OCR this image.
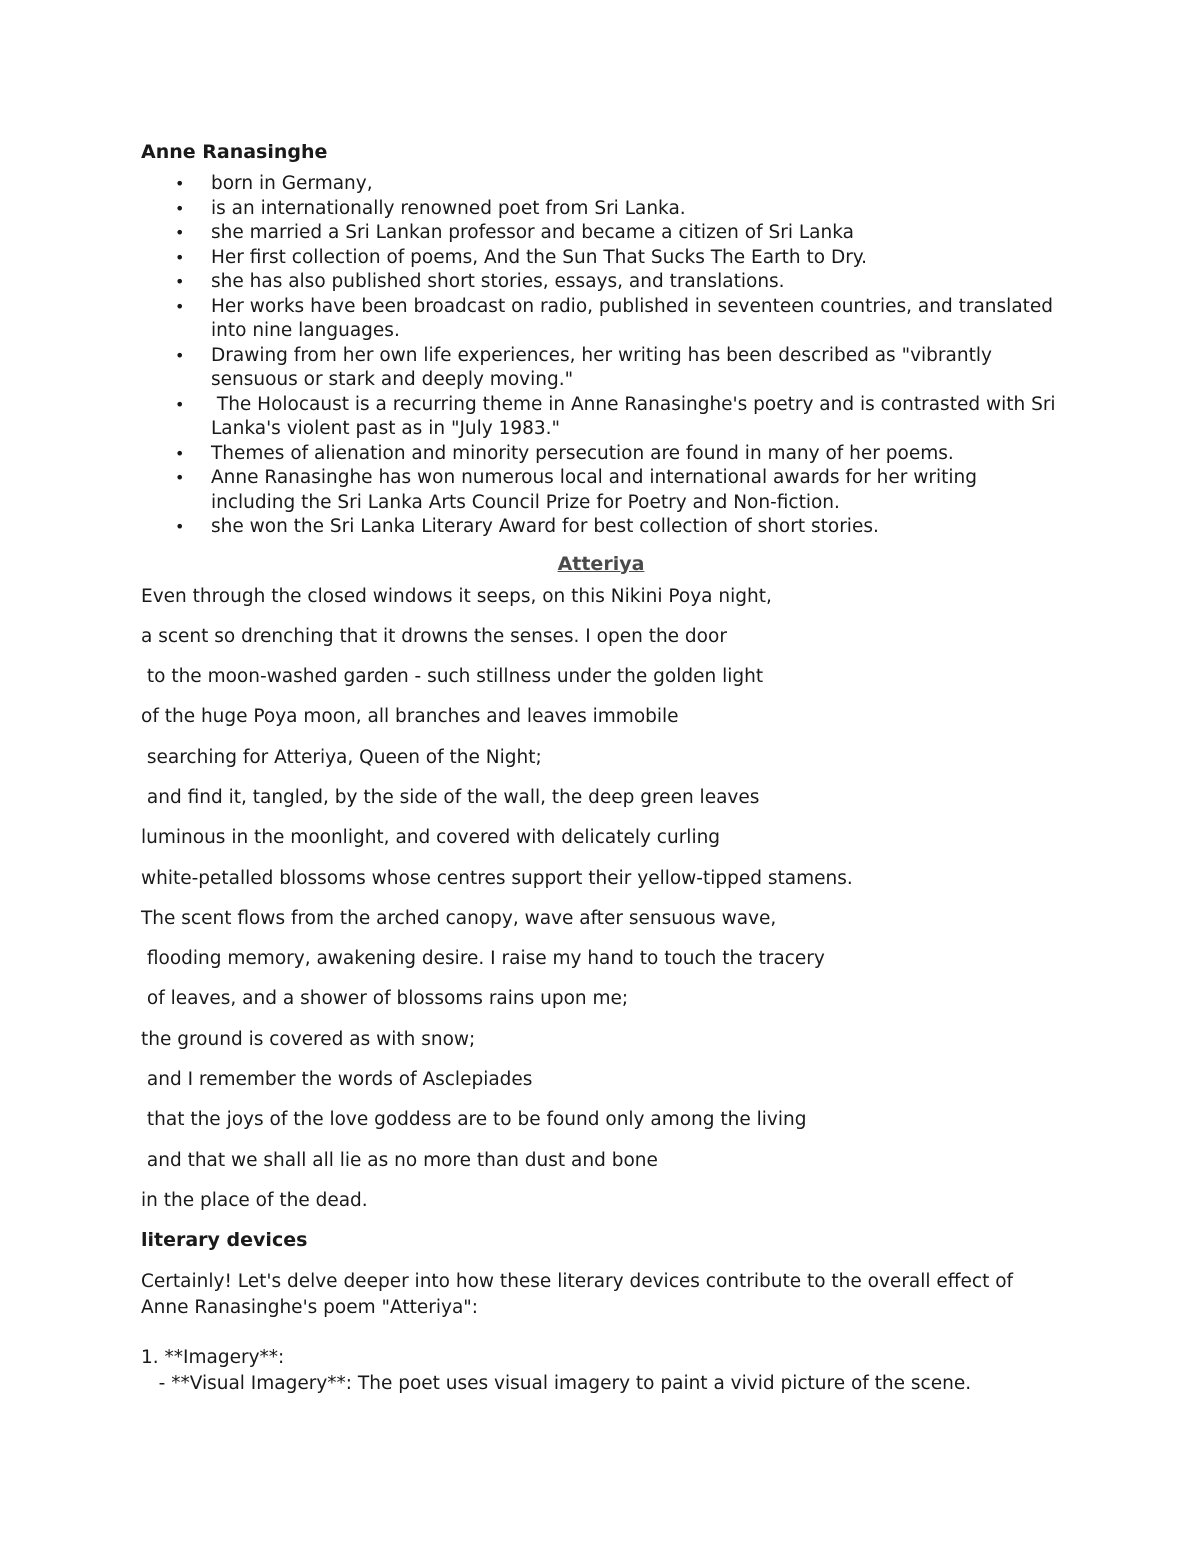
Anne Ranasinghe
• born in Germany,
• is an internationally renowned poet from Sri Lanka.
• she married a Sri Lankan professor and became a citizen of Sri Lanka
• Her first collection of poems, And the Sun That Sucks The Earth to Dry.
• she has also published short stories, essays, and translations.
• Her works have been broadcast on radio, published in seventeen countries, and translated into nine languages.
• Drawing from her own life experiences, her writing has been described as "vibrantly sensuous or stark and deeply moving."
• The Holocaust is a recurring theme in Anne Ranasinghe's poetry and is contrasted with Sri Lanka's violent past as in "July 1983."
• Themes of alienation and minority persecution are found in many of her poems.
• Anne Ranasinghe has won numerous local and international awards for her writing including the Sri Lanka Arts Council Prize for Poetry and Non-fiction.
• she won the Sri Lanka Literary Award for best collection of short stories.
Atteriya

Even through the closed windows it seeps, on this Nikini Poya night,

a scent so drenching that it drowns the senses. I open the door

to the moon-washed garden - such stillness under the golden light

of the huge Poya moon, all branches and leaves immobile

searching for Atteriya, Queen of the Night;

and find it, tangled, by the side of the wall, the deep green leaves

luminous in the moonlight, and covered with delicately curling

white-petalled blossoms whose centres support their yellow-tipped stamens.

The scent flows from the arched canopy, wave after sensuous wave,

flooding memory, awakening desire. I raise my hand to touch the tracery

of leaves, and a shower of blossoms rains upon me;

the ground is covered as with snow;

and I remember the words of Asclepiades

that the joys of the love goddess are to be found only among the living

and that we shall all lie as no more than dust and bone

in the place of the dead.

literary devices

Certainly! Let's delve deeper into how these literary devices contribute to the overall effect of Anne Ranasinghe's poem "Atteriya":

1. **Imagery**:

- **Visual Imagery**: The poet uses visual imagery to paint a vivid picture of the scene.
